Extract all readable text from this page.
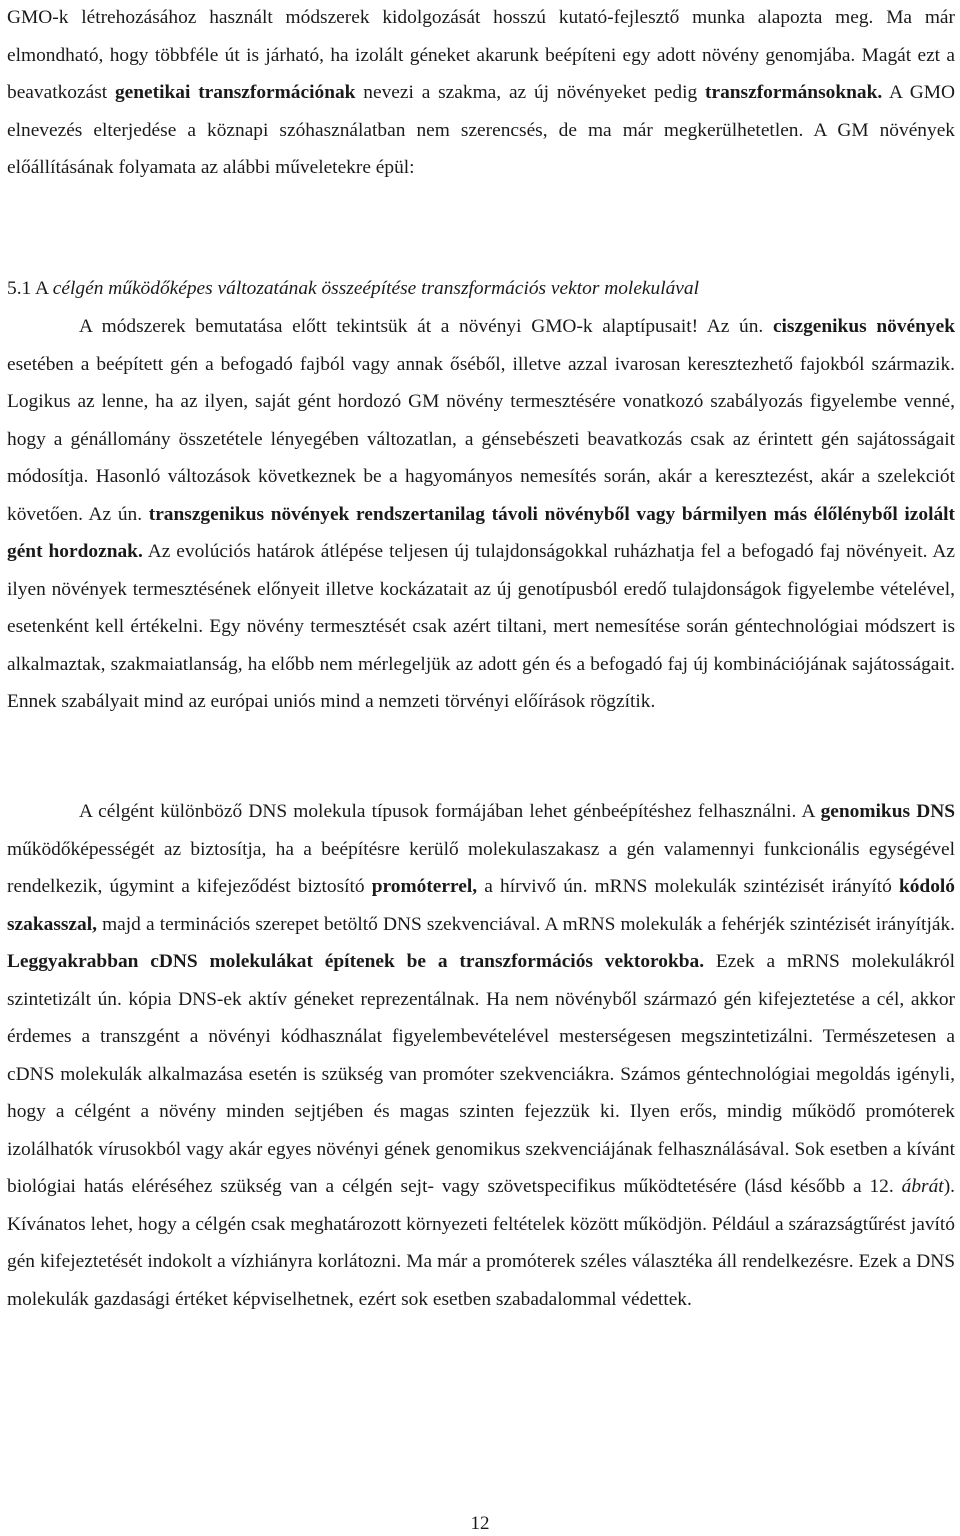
GMO-k létrehozásához használt módszerek kidolgozását hosszú kutató-fejlesztő munka alapozta meg. Ma már elmondható, hogy többféle út is járható, ha izolált géneket akarunk beépíteni egy adott növény genomjába. Magát ezt a beavatkozást genetikai transzformációnak nevezi a szakma, az új növényeket pedig transzformánsoknak. A GMO elnevezés elterjedése a köznapi szóhasználatban nem szerencsés, de ma már megkerülhetetlen. A GM növények előállításának folyamata az alábbi műveletekre épül:

5.1 A célgén működőképes változatának összeépítése transzformációs vektor molekulával

A módszerek bemutatása előtt tekintsük át a növényi GMO-k alaptípusait! Az ún. ciszgenikus növények esetében a beépített gén a befogadó fajból vagy annak őséből, illetve azzal ivarosan keresztezhető fajokból származik. Logikus az lenne, ha az ilyen, saját gént hordozó GM növény termesztésére vonatkozó szabályozás figyelembe venné, hogy a génállomány összetétele lényegében változatlan, a génsebészeti beavatkozás csak az érintett gén sajátosságait módosítja. Hasonló változások következnek be a hagyományos nemesítés során, akár a keresztezést, akár a szelekciót követően. Az ún. transzgenikus növények rendszertanilag távoli növényből vagy bármilyen más élőlényből izolált gént hordoznak. Az evolúciós határok átlépése teljesen új tulajdonságokkal ruházhatja fel a befogadó faj növényeit. Az ilyen növények termesztésének előnyeit illetve kockázatait az új genotípusból eredő tulajdonságok figyelembe vételével, esetenként kell értékelni. Egy növény termesztését csak azért tiltani, mert nemesítése során géntechnológiai módszert is alkalmaztak, szakmaiatlanság, ha előbb nem mérlegeljük az adott gén és a befogadó faj új kombinációjának sajátosságait. Ennek szabályait mind az európai uniós mind a nemzeti törvényi előírások rögzítik.

A célgént különböző DNS molekula típusok formájában lehet génbeépítéshez felhasználni. A genomikus DNS működőképességét az biztosítja, ha a beépítésre kerülő molekulaszakasz a gén valamennyi funkcionális egységével rendelkezik, úgymint a kifejeződést biztosító promóterrel, a hírvivő ún. mRNS molekulák szintézisét irányító kódoló szakasszal, majd a terminációs szerepet betöltő DNS szekvenciával. A mRNS molekulák a fehérjék szintézisét irányítják. Leggyakrabban cDNS molekulákat építenek be a transzformációs vektorokba. Ezek a mRNS molekulákról szintetizált ún. kópia DNS-ek aktív géneket reprezentálnak. Ha nem növényből származó gén kifejeztetése a cél, akkor érdemes a transzgént a növényi kódhasználat figyelembevételével mesterségesen megszintetizálni. Természetesen a cDNS molekulák alkalmazása esetén is szükség van promóter szekvenciákra. Számos géntechnológiai megoldás igényli, hogy a célgént a növény minden sejtjében és magas szinten fejezzük ki. Ilyen erős, mindig működő promóterek izolálhatók vírusokból vagy akár egyes növényi gének genomikus szekvenciájának felhasználásával. Sok esetben a kívánt biológiai hatás eléréséhez szükség van a célgén sejt- vagy szövetspecifikus működtetésére (lásd később a 12. ábrát). Kívánatos lehet, hogy a célgén csak meghatározott környezeti feltételek között működjön. Például a szárazságtűrést javító gén kifejeztetését indokolt a vízhiányra korlátozni. Ma már a promóterek széles választéka áll rendelkezésre. Ezek a DNS molekulák gazdasági értéket képviselhetnek, ezért sok esetben szabadalommal védettek.

12
